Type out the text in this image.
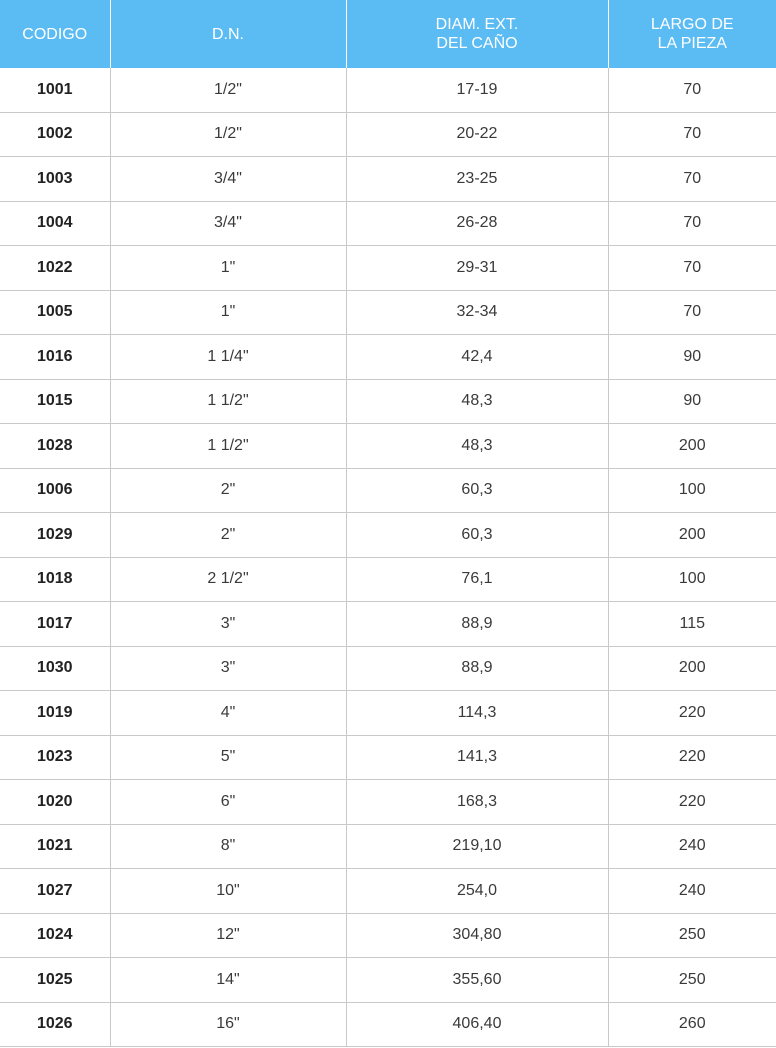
CODIGO	D.N.	DIAM. EXT.
DEL CAÑO	LARGO DE
LA PIEZA

1001	1/2"	17-19	70
1002	1/2"	20-22	70
1003	3/4"	23-25	70
1004	3/4"	26-28	70
1022	1"	29-31	70
1005	1"	32-34	70
1016	1 1/4"	42,4	90
1015	1 1/2"	48,3	90
1028	1 1/2"	48,3	200
1006	2"	60,3	100
1029	2"	60,3	200
1018	2 1/2"	76,1	100
1017	3"	88,9	115
1030	3"	88,9	200
1019	4"	114,3	220
1023	5"	141,3	220
1020	6"	168,3	220
1021	8"	219,10	240
1027	10"	254,0	240
1024	12"	304,80	250
1025	14"	355,60	250
1026	16"	406,40	260
